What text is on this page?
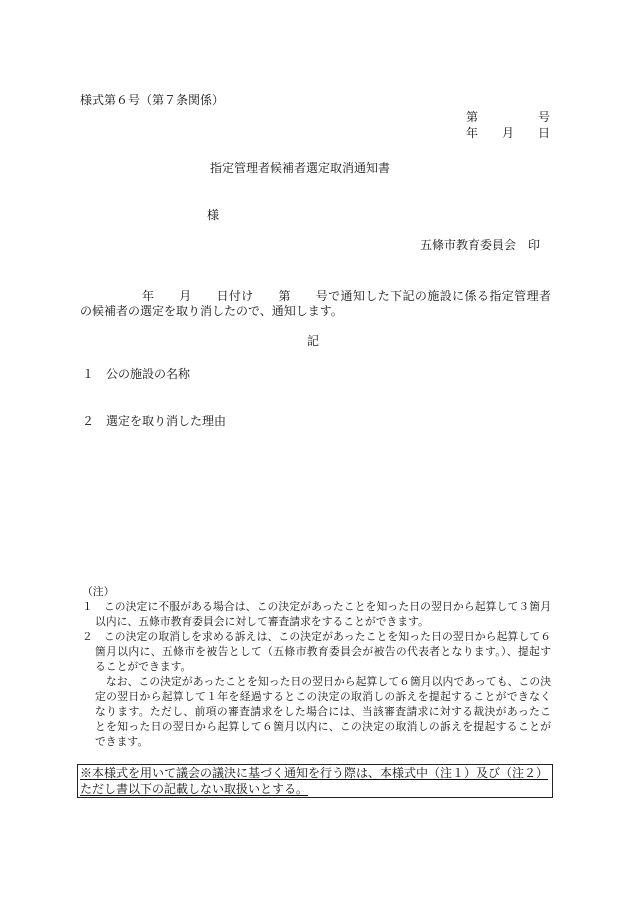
様式第６号（第７条関係）
第　　　　　号
年　　月　　日
指定管理者候補者選定取消通知書
様
五條市教育委員会　印
　　　　　年　　月　　日付け　　第　　号で通知した下記の施設に係る指定管理者
の候補者の選定を取り消したので、通知します。
記
１　公の施設の名称
２　選定を取り消した理由
（注）
１　この決定に不服がある場合は、この決定があったことを知った日の翌日から起算して３箇月
以内に、五條市教育委員会に対して審査請求をすることができます。
２　この決定の取消しを求める訴えは、この決定があったことを知った日の翌日から起算して６
箇月以内に、五條市を被告として（五條市教育委員会が被告の代表者となります。）、提起す
ることができます。
　なお、この決定があったことを知った日の翌日から起算して６箇月以内であっても、この決
定の翌日から起算して１年を経過するとこの決定の取消しの訴えを提起することができなく
なります。ただし、前項の審査請求をした場合には、当該審査請求に対する裁決があったこ
とを知った日の翌日から起算して６箇月以内に、この決定の取消しの訴えを提起することが
できます。
※本様式を用いて議会の議決に基づく通知を行う際は、本様式中（注１）及び（注２）
ただし書以下の記載しない取扱いとする。
